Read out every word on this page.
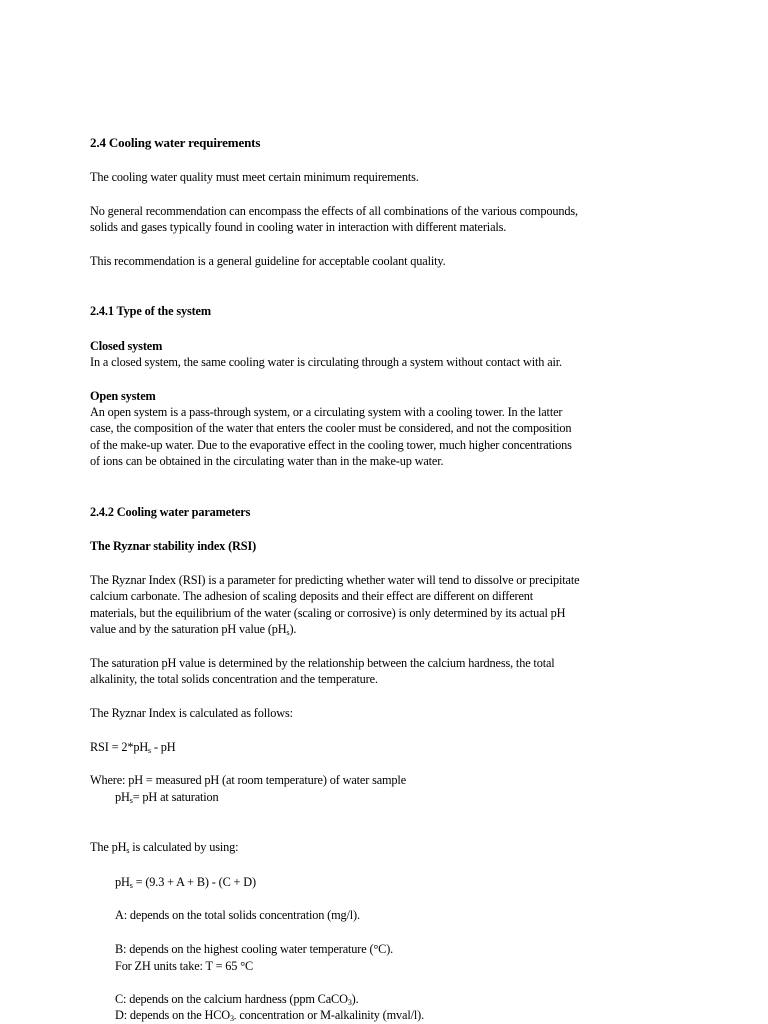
2.4 Cooling water requirements
The cooling water quality must meet certain minimum requirements.
No general recommendation can encompass the effects of all combinations of the various compounds,
solids and gases typically found in cooling water in interaction with different materials.
This recommendation is a general guideline for acceptable coolant quality.
2.4.1 Type of the system
Closed system
In a closed system, the same cooling water is circulating through a system without contact with air.
Open system
An open system is a pass-through system, or a circulating system with a cooling tower. In the latter
case, the composition of the water that enters the cooler must be considered, and not the composition
of the make-up water. Due to the evaporative effect in the cooling tower, much higher concentrations
of ions can be obtained in the circulating water than in the make-up water.
2.4.2 Cooling water parameters
The Ryznar stability index (RSI)
The Ryznar Index (RSI) is a parameter for predicting whether water will tend to dissolve or precipitate
calcium carbonate. The adhesion of scaling deposits and their effect are different on different
materials, but the equilibrium of the water (scaling or corrosive) is only determined by its actual pH
value and by the saturation pH value $(pH_s)$.
The saturation pH value is determined by the relationship between the calcium hardness, the total
alkalinity, the total solids concentration and the temperature.
The Ryznar Index is calculated as follows:
RSI = $2*pH_s$ - pH
Where: pH = measured pH (at room temperature) of water sample
$pH_s=$ pH at saturation
The $pH_s$ is calculated by using:
$pH_s = (9.3 + A + B) - (C + D)$
A: depends on the total solids concentration (mg/l).
B: depends on the highest cooling water temperature (°C).
For ZH units take: T = 65 °C
C: depends on the calcium hardness (ppm CaCO$_3$).
D: depends on the $HCO_{3-}$ concentration or M-alkalinity (mval/l).
